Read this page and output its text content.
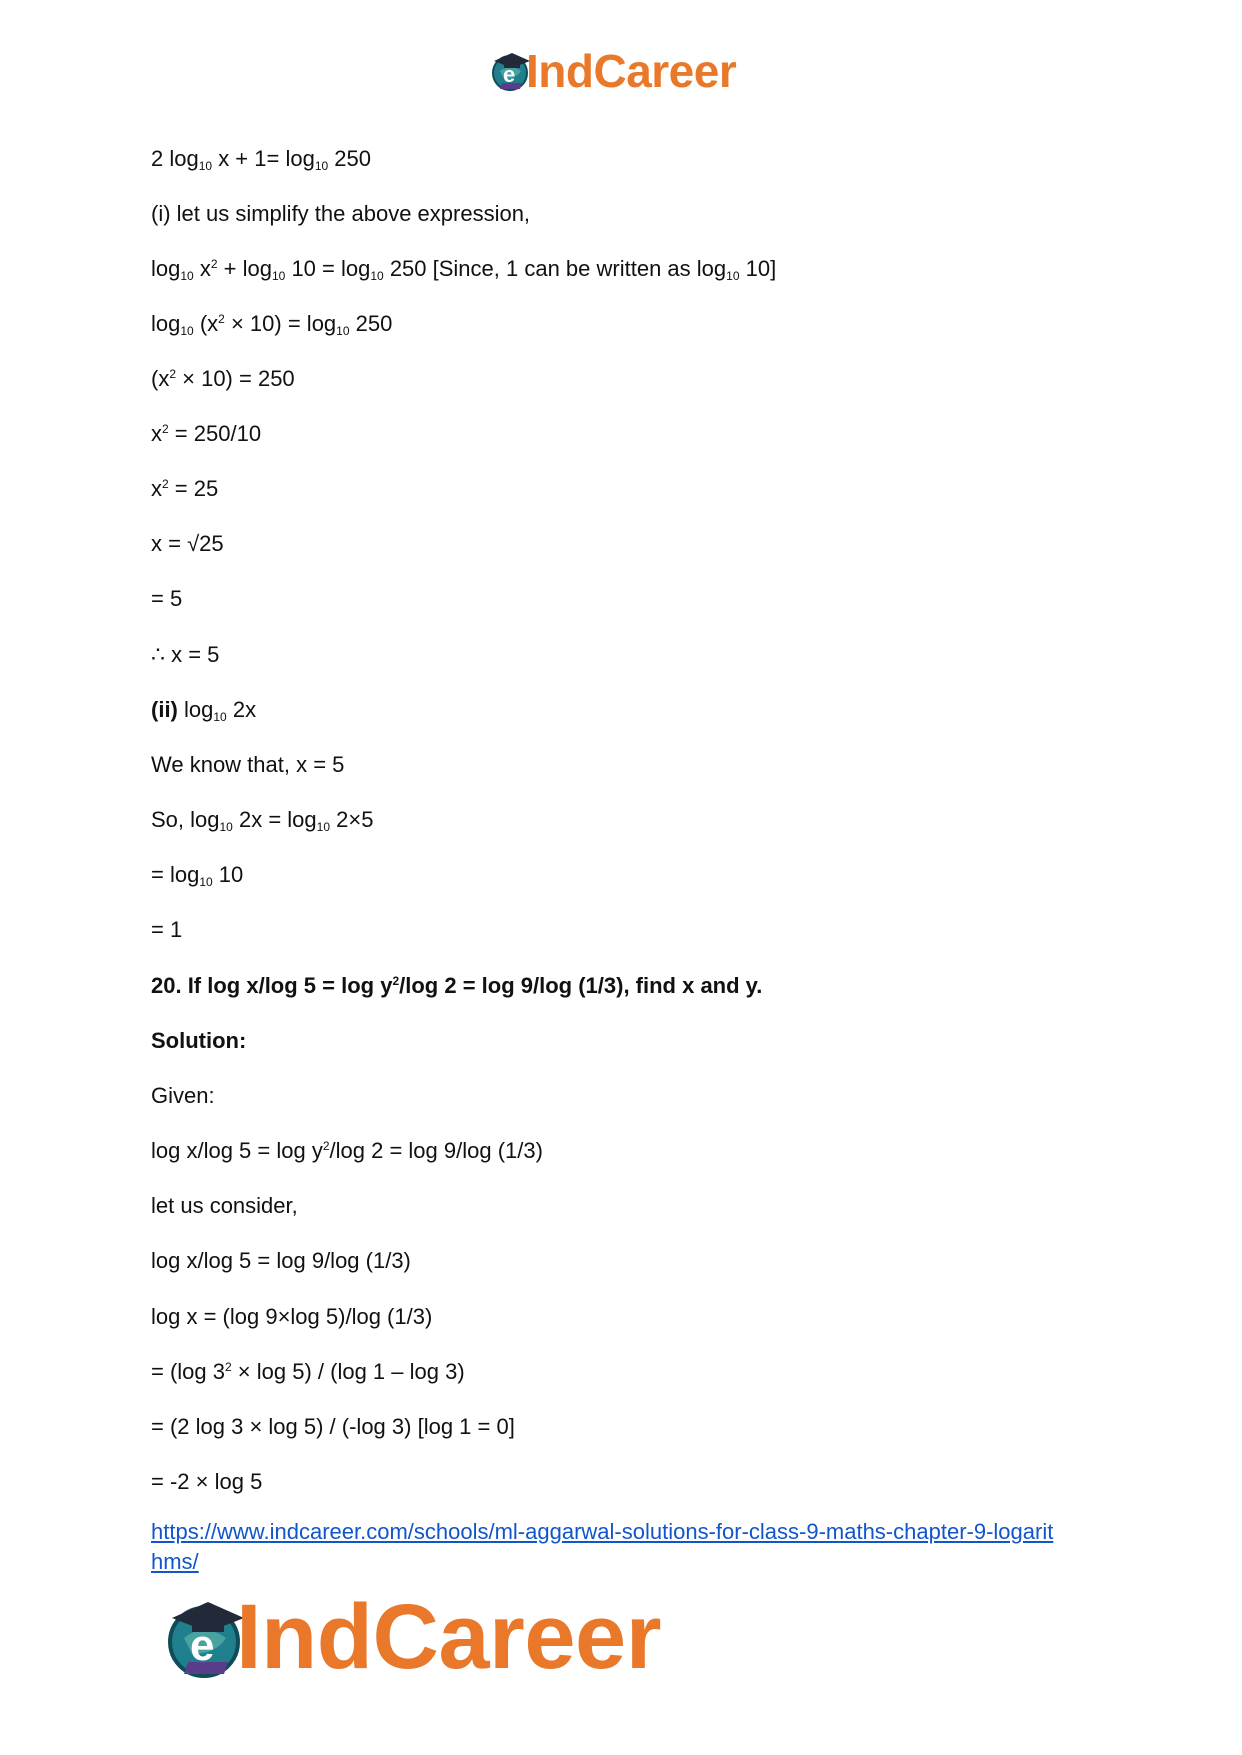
e IndCareer
2 $\log_{10} x + 1= \log_{10} 250$
(i) let us simplify the above expression,
$\log_{10} x^2 + \log_{10} 10 = \log_{10} 250$ [Since, 1 can be written as $\log_{10} 10$]
$\log_{10} (x^2 \times 10) = \log_{10} 250$
$(x^2 \times 10) = 250$
$x^2 = 250/10$
$x^2 = 25$
x = √25
= 5
∴ x = 5
(ii) $\log_{10} 2x$
We know that, x = 5
So, $\log_{10} 2x = \log_{10} 2\times 5$
= $\log_{10} 10$
= 1
20. If log x/log $5 = \log y^2/\log$ 2 = log 9/log (1/3), find x and y.
Solution:
Given:
log x/log $5 = \log y^2/\log$ 2 = log 9/log (1/3)
let us consider,
log x/log 5 = log 9/log (1/3)
log x = (log 9×log 5)/log (1/3)
= (log $3^2 \times \log 5) / (\log$ 1 – log 3)
= (2 log 3 × log 5) / (-log 3) [log 1 = 0]
= -2 × log 5
https://www.indcareer.com/schools/ml-aggarwal-solutions-for-class-9-maths-chapter-9-logarit
hms/
e IndCareer
